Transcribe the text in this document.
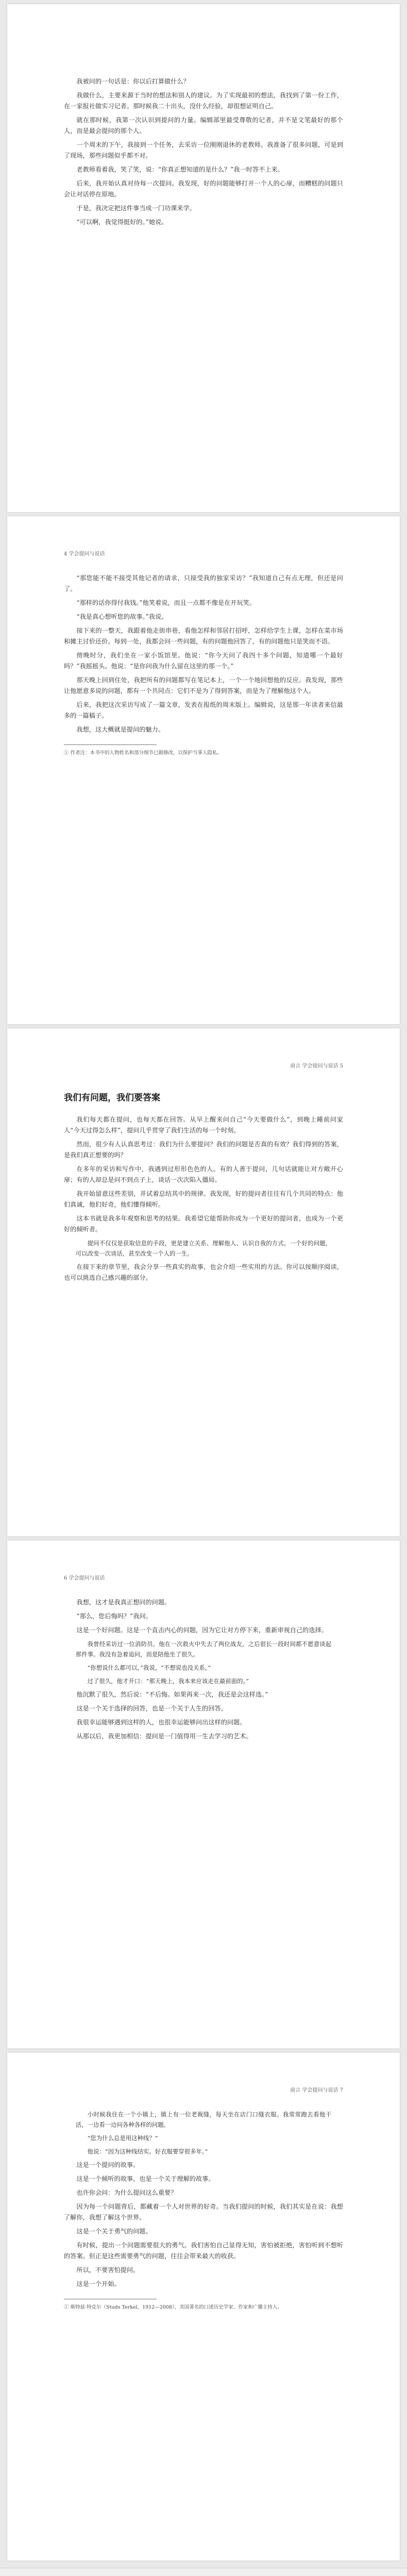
我被问的一句话是：你以后打算做什么？

我做什么，主要来源于当时的想法和别人的建议。为了实现最初的想法，我找到了第一份工作，在一家报社做实习记者。那时候我二十出头，没什么经验，却很想证明自己。

就在那时候，我第一次认识到提问的力量。编辑部里最受尊敬的记者，并不是文笔最好的那个人，而是最会提问的那个人。

一个周末的下午，我接到一个任务，去采访一位刚刚退休的老教师。我准备了很多问题，可是到了现场，那些问题似乎都不对。

老教师看着我，笑了笑，说：“你真正想知道的是什么？”我一时答不上来。

后来，我开始认真对待每一次提问。我发现，好的问题能够打开一个人的心扉，而糟糕的问题只会让对话停在原地。

于是，我决定把这件事当成一门功课来学。

“可以啊，我觉得挺好的。”她说。

4 学会提问与说话

“那您能不能不接受其他记者的请求，只接受我的独家采访？”我知道自己有点无理，但还是问了。

“那样的话你得付我钱。”他笑着说，而且一点都不像是在开玩笑。

“我是真心想听您的故事。”我说。

接下来的一整天，我跟着他走街串巷，看他怎样和邻居打招呼，怎样给学生上课，怎样在菜市场和摊主讨价还价。每到一处，我都会问一些问题，有的问题他回答了，有的问题他只是笑而不语。

傍晚时分，我们坐在一家小饭馆里。他说：“你今天问了我四十多个问题，知道哪一个最好吗？”我摇摇头。他说：“是你问我为什么留在这里的那一个。”

那天晚上回到住处，我把所有的问题都写在笔记本上，一个一个地回想他的反应。我发现，那些让他愿意多说的问题，都有一个共同点：它们不是为了得到答案，而是为了理解他这个人。

后来，我把这次采访写成了一篇文章，发表在报纸的周末版上。编辑说，这是那一年读者来信最多的一篇稿子。

我想，这大概就是提问的魅力。

① 作者注：本书中的人物姓名和部分细节已做修改，以保护当事人隐私。

前言 学会提问与说话 5
我们有问题，我们要答案

我们每天都在提问，也每天都在回答。从早上醒来问自己“今天要做什么”，到晚上睡前问家人“今天过得怎么样”，提问几乎贯穿了我们生活的每一个时刻。

然而，很少有人认真思考过：我们为什么要提问？我们的问题是否真的有效？我们得到的答案，是我们真正想要的吗？

在多年的采访和写作中，我遇到过形形色色的人。有的人善于提问，几句话就能让对方敞开心扉；有的人却总是问不到点子上，谈话一次次陷入僵局。

我开始留意这些差别，并试着总结其中的规律。我发现，好的提问者往往有几个共同的特点：他们真诚，他们好奇，他们懂得倾听。

这本书就是我多年观察和思考的结果。我希望它能帮助你成为一个更好的提问者，也成为一个更好的倾听者。

提问不仅仅是获取信息的手段，更是建立关系、理解他人、认识自我的方式。一个好的问题，可以改变一次谈话，甚至改变一个人的一生。

在接下来的章节里，我会分享一些真实的故事，也会介绍一些实用的方法。你可以按顺序阅读，也可以挑选自己感兴趣的部分。

6 学会提问与说话

我想，这才是我真正想问的问题。

“那么，您后悔吗？”我问。

这是一个好问题。这是一个直击内心的问题，因为它让对方停下来，重新审视自己的选择。

我曾经采访过一位消防员。他在一次救火中失去了两位战友，之后很长一段时间都不愿意谈起那件事。我没有急着追问，而是陪他坐了很久。

“你想说什么都可以，”我说，“不想说也没关系。”

过了很久，他才开口：“那天晚上，我本来应该走在最前面的。”

他沉默了很久，然后说：“不后悔。如果再来一次，我还是会这样选。”

这是一个关于选择的回答，也是一个关于人生的回答。

我很幸运能够遇到这样的人，也很幸运能够问出这样的问题。

从那以后，我更加相信：提问是一门值得用一生去学习的艺术。

前言 学会提问与说话 7

小时候我住在一个小镇上，镇上有一位老裁缝，每天坐在店门口缝衣服。我常常跑去看他干活，一边看一边问各种各样的问题。

“您为什么总是用这种线？”

他说：“因为这种线结实。好衣服要穿很多年。”

这是一个提问的故事。

这是一个倾听的故事，也是一个关于理解的故事。

也许你会问：为什么提问这么重要？

因为每一个问题背后，都藏着一个人对世界的好奇。当我们提问的时候，我们其实是在说：我想了解你，我想了解这个世界。

这是一个关于勇气的问题。

有时候，提出一个问题需要很大的勇气。我们害怕自己显得无知，害怕被拒绝，害怕听到不想听的答案。但正是这些需要勇气的问题，往往会带来最大的收获。

所以，不要害怕提问。

这是一个开始。

① 斯特兹·特克尔（Studs Terkel，1912—2008），美国著名的口述历史学家、作家和广播主持人。
